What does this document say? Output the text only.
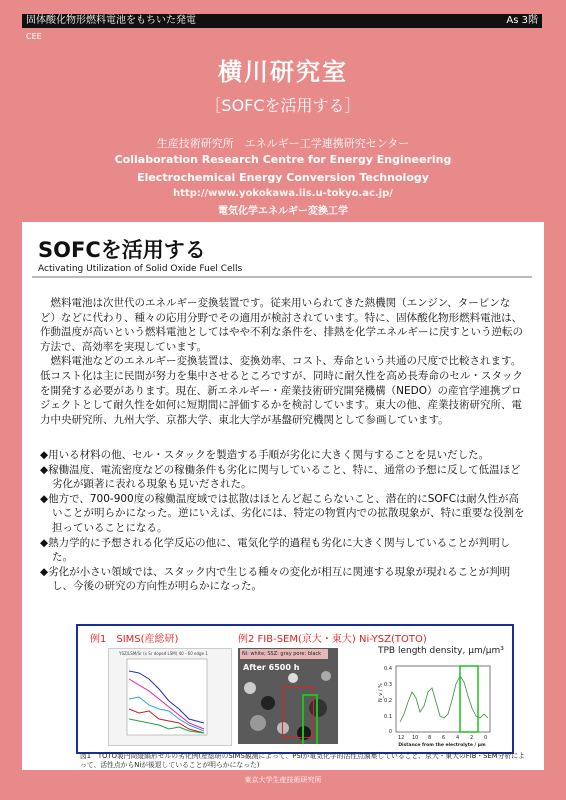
固体酸化物形燃料電池をもちいた発電	As 3階
CEE
横川研究室
［SOFCを活用する］
生産技術研究所　エネルギー工学連携研究センター
Collaboration Research Centre for Energy Engineering
Electrochemical Energy Conversion Technology
http://www.yokokawa.iis.u-tokyo.ac.jp/
電気化学エネルギー変換工学
SOFCを活用する
Activating Utilization of Solid Oxide Fuel Cells

　燃料電池は次世代のエネルギー変換装置です。従来用いられてきた熱機関（エンジン、タービンなど）などに代わり、種々の応用分野でその適用が検討されています。特に、固体酸化物形燃料電池は、作動温度が高いという燃料電池としてはやや不利な条件を、排熱を化学エネルギーに戻すという逆転の方法で、高効率を実現しています。

　燃料電池などのエネルギー変換装置は、変換効率、コスト、寿命という共通の尺度で比較されます。低コスト化は主に民間が努力を集中させるところですが、同時に耐久性を高め長寿命のセル・スタックを開発する必要があります。現在、新エネルギー・産業技術研究開発機構（NEDO）の産官学連携プロジェクトとして耐久性を如何に短期間に評価するかを検討しています。東大の他、産業技術研究所、電力中央研究所、九州大学、京都大学、東北大学が基盤研究機関として参画しています。

◆用いる材料の他、セル・スタックを製造する手順が劣化に大きく関与することを見いだした。

◆稼働温度、電流密度などの稼働条件も劣化に関与していること、特に、通常の予想に反して低温ほど劣化が顕著に表れる現象も見いだされた。

◆他方で、700-900度の稼働温度域では拡散はほとんど起こらないこと、潜在的にSOFCは耐久性が高いことが明らかになった。逆にいえば、劣化には、特定の物質内での拡散現象が、特に重要な役割を担っていることになる。

◆熱力学的に予想される化学反応の他に、電気化学的過程も劣化に大きく関与していることが判明した。

◆劣化が小さい領域では、スタック内で生じる種々の変化が相互に関連する現象が現れることが判明し、今後の研究の方向性が明らかになった。

例1　SIMS(産総研)	例2 FIB-SEM(京大・東大) Ni-YSZ(TOTO)
TPB length density, μm/μm³
YSZ/LSM/Sr (x Sr doped LSM) 40 - 60 edge 1	Ni: white; SSZ: gray pore: black
After 6500 h	0.4
0.3
0.2
0.1
0
N_v / %
12 10 8 6 4 2 0
Distance from the electrolyte / μm

図1　TOTO製円筒縦縞形セルの劣化例(産総研のSIMS観測によって、PSIが電気化学的活性点濃集していること、京大・東大のFIB・SEM分析によって、活性点からNiが後退していることが明らかになった)

東京大学生産技術研究所
